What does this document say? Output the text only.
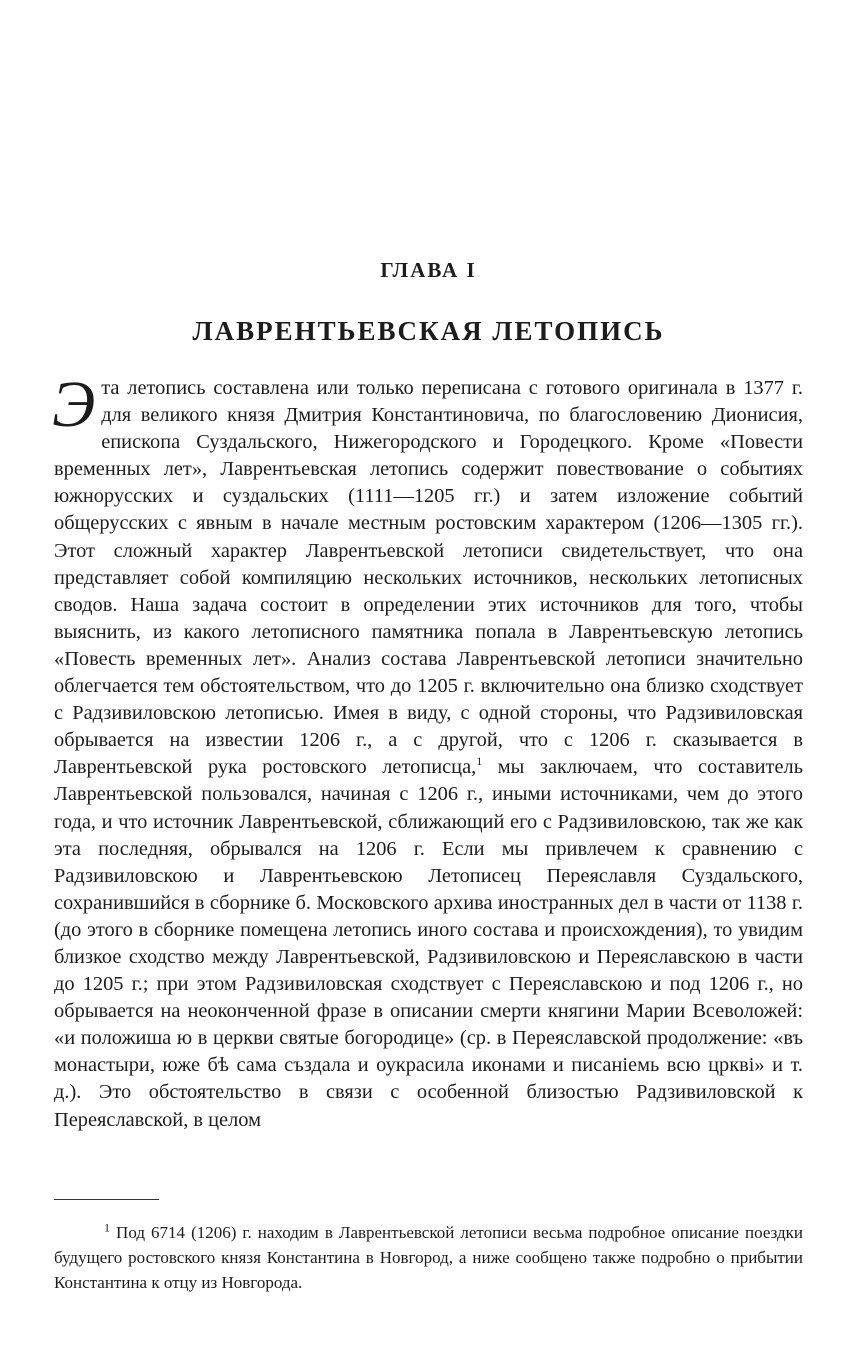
ГЛАВА I
ЛАВРЕНТЬЕВСКАЯ ЛЕТОПИСЬ

Эта летопись составлена или только переписана с готового оригинала в 1377 г. для великого князя Дмитрия Константиновича, по благословению Дионисия, епископа Суздальского, Нижегородского и Городецкого. Кроме «Повести временных лет», Лаврентьевская летопись содержит повествование о событиях южнорусских и суздальских (1111—1205 гг.) и затем изложение событий общерусских с явным в начале местным ростовским характером (1206—1305 гг.). Этот сложный характер Лаврентьевской летописи свидетельствует, что она представляет собой компиляцию нескольких источников, нескольких летописных сводов. Наша задача состоит в определении этих источников для того, чтобы выяснить, из какого летописного памятника попала в Лаврентьевскую летопись «Повесть временных лет». Анализ состава Лаврентьевской летописи значительно облегчается тем обстоятельством, что до 1205 г. включительно она близко сходствует с Радзивиловскою летописью. Имея в виду, с одной стороны, что Радзивиловская обрывается на известии 1206 г., а с другой, что с 1206 г. сказывается в Лаврентьевской рука ростовского летописца,$^1$ мы заключаем, что составитель Лаврентьевской пользовался, начиная с 1206 г., иными источниками, чем до этого года, и что источник Лаврентьевской, сближающий его с Радзивиловскою, так же как эта последняя, обрывался на 1206 г. Если мы привлечем к сравнению с Радзивиловскою и Лаврентьевскою Летописец Переяславля Суздальского, сохранившийся в сборнике б. Московского архива иностранных дел в части от 1138 г. (до этого в сборнике помещена летопись иного состава и происхождения), то увидим близкое сходство между Лаврентьевской, Радзивиловскою и Переяславскою в части до 1205 г.; при этом Радзивиловская сходствует с Переяславскою и под 1206 г., но обрывается на неоконченной фразе в описании смерти княгини Марии Всеволожей: «и положиша ю в церкви святые богородице» (ср. в Переяславской продолжение: «въ монастыри, юже бѣ сама създала и оукрасила иконами и писаніемь всю цркві» и т. д.). Это обстоятельство в связи с особенной близостью Радзивиловской к Переяславской, в целом

$^1$ Под 6714 (1206) г. находим в Лаврентьевской летописи весьма подробное описание поездки будущего ростовского князя Константина в Новгород, а ниже сообщено также подробно о прибытии Константина к отцу из Новгорода.
